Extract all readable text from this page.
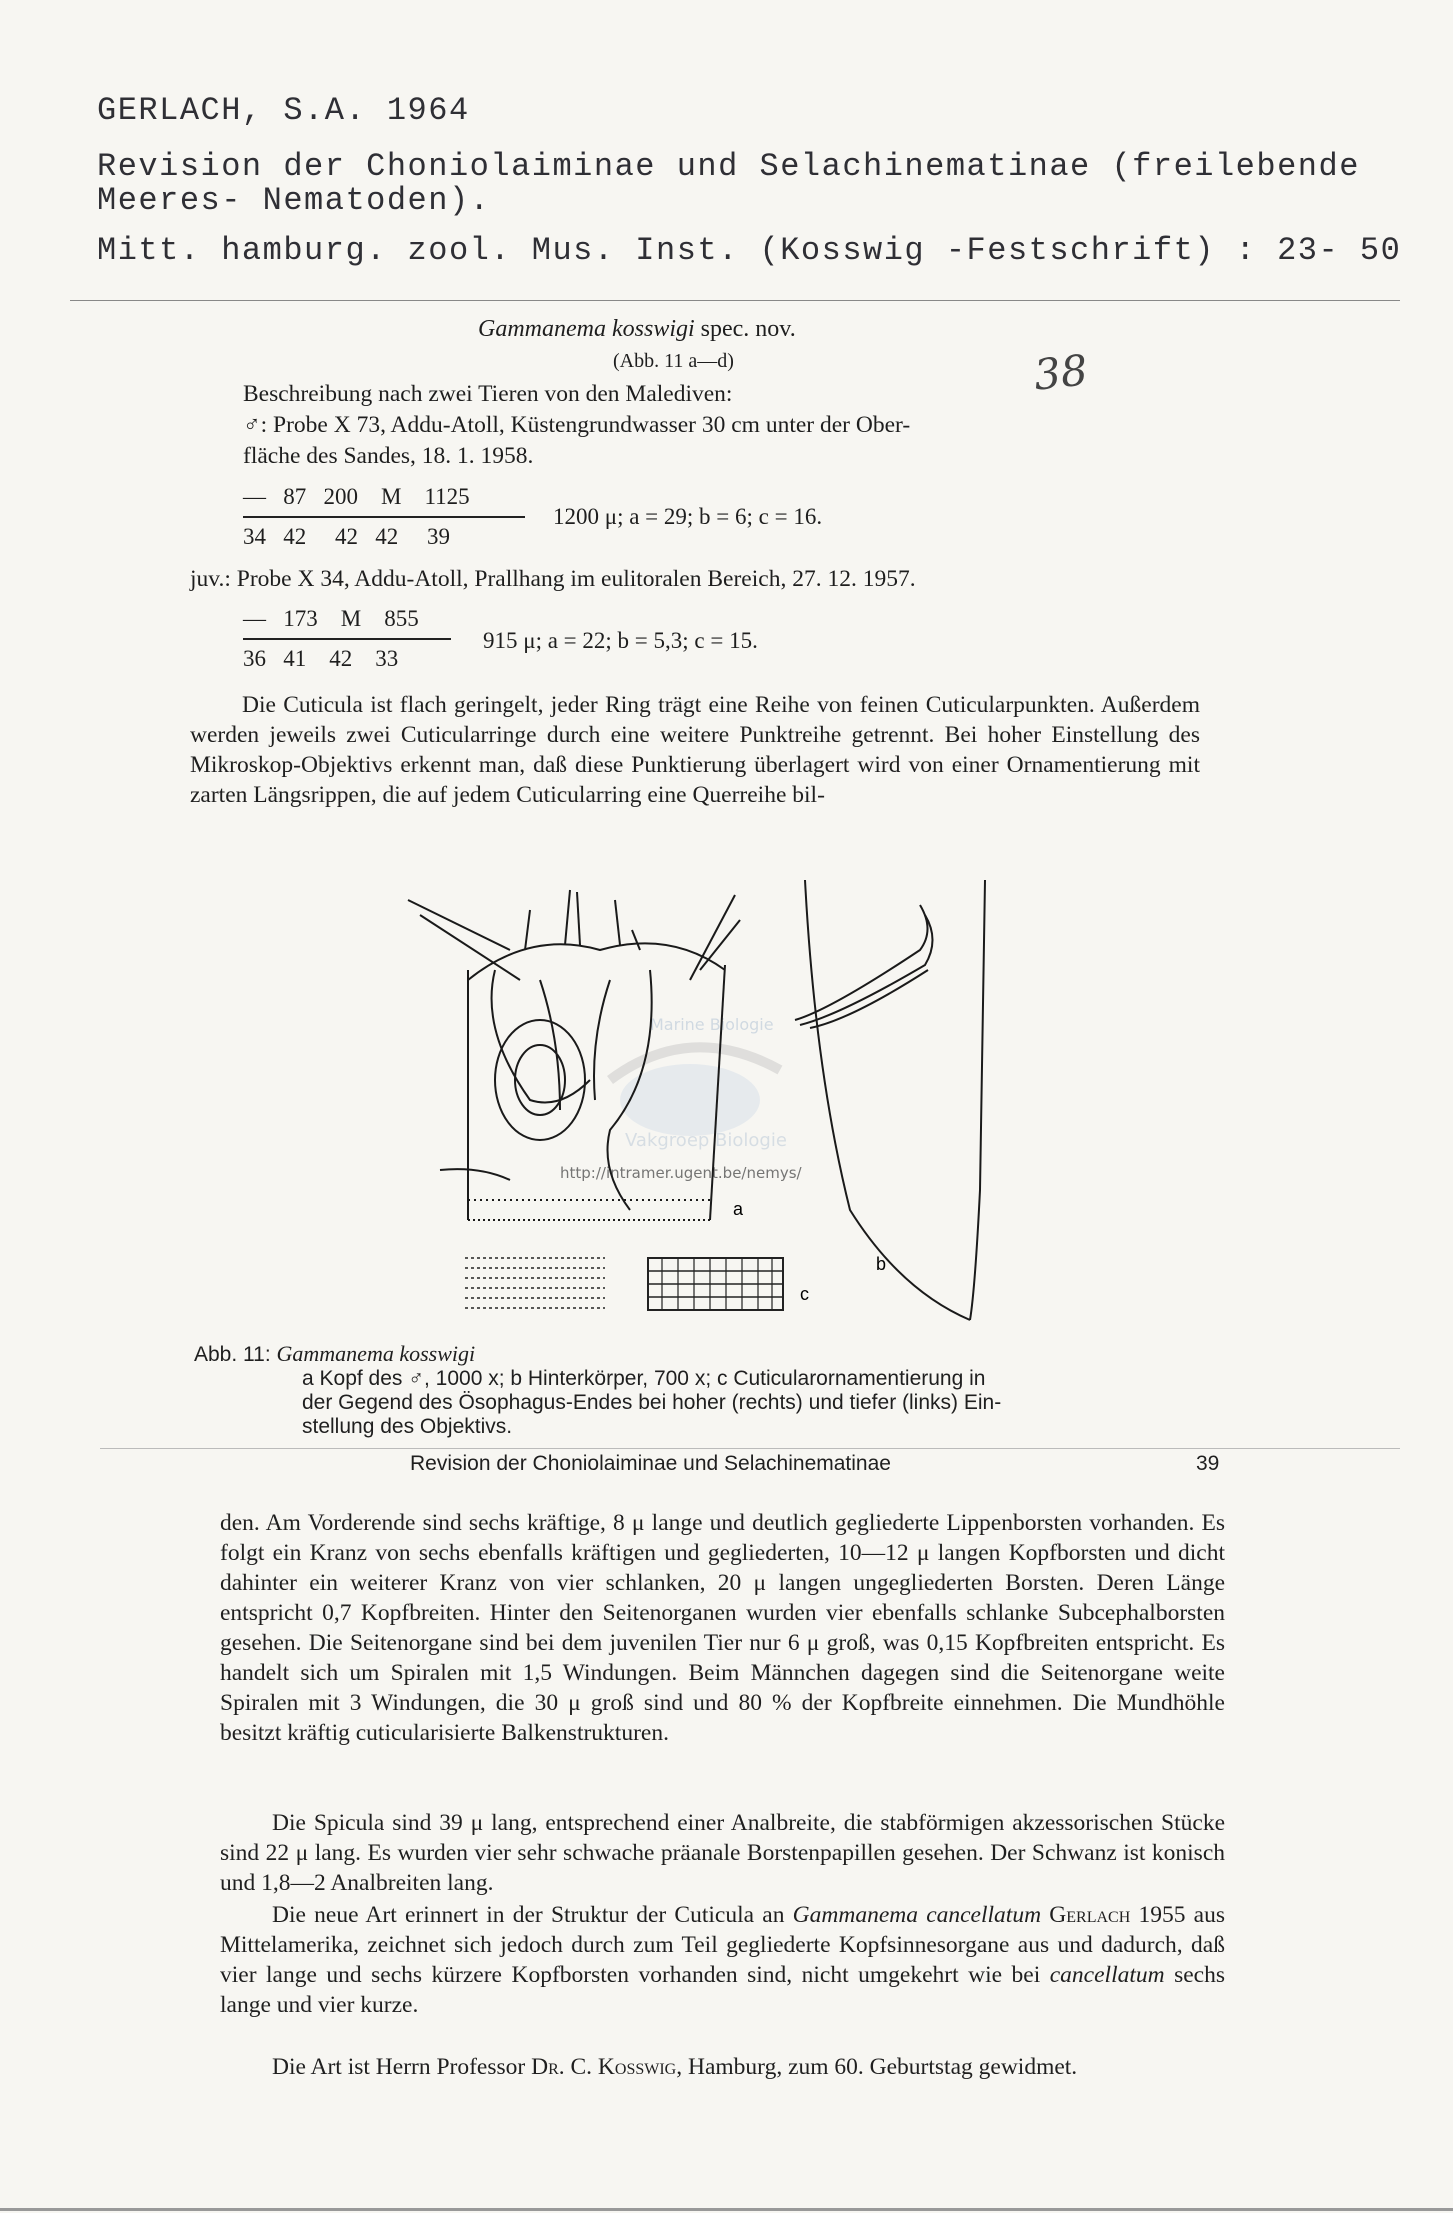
GERLACH, S.A. 1964
Revision der Choniolaiminae und Selachinematinae (freilebende
Meeres- Nematoden).
Mitt. hamburg. zool. Mus. Inst. (Kosswig -Festschrift) : 23- 50
38
Gammanema kosswigi spec. nov.
(Abb. 11 a—d)
Beschreibung nach zwei Tieren von den Malediven:
♂: Probe X 73, Addu-Atoll, Küstengrundwasser 30 cm unter der Ober-
fläche des Sandes, 18. 1. 1958.
—   87   200    M    1125
34   42     42   42     39
1200 μ; a = 29; b = 6; c = 16.
juv.: Probe X 34, Addu-Atoll, Prallhang im eulitoralen Bereich, 27. 12. 1957.
—   173    M    855
36   41    42    33
915 μ; a = 22; b = 5,3; c = 15.
Die Cuticula ist flach geringelt, jeder Ring trägt eine Reihe von feinen Cuticularpunkten. Außerdem werden jeweils zwei Cuticularringe durch eine weitere Punktreihe getrennt. Bei hoher Einstellung des Mikroskop-Objektivs erkennt man, daß diese Punktierung überlagert wird von einer Ornamentierung mit zarten Längsrippen, die auf jedem Cuticularring eine Querreihe bil-
Marine Biologie
Vakgroep Biologie
http://intramer.ugent.be/nemys/
a
b
c
Abb. 11: Gammanema kosswigi
a Kopf des ♂, 1000 x; b Hinterkörper, 700 x; c Cuticularornamentierung in
der Gegend des Ösophagus-Endes bei hoher (rechts) und tiefer (links) Ein-
stellung des Objektivs.
Revision der Choniolaiminae und Selachinematinae	39
den. Am Vorderende sind sechs kräftige, 8 μ lange und deutlich gegliederte Lippenborsten vorhanden. Es folgt ein Kranz von sechs ebenfalls kräftigen und gegliederten, 10—12 μ langen Kopfborsten und dicht dahinter ein weiterer Kranz von vier schlanken, 20 μ langen ungegliederten Borsten. Deren Länge entspricht 0,7 Kopfbreiten. Hinter den Seitenorganen wurden vier ebenfalls schlanke Subcephalborsten gesehen. Die Seitenorgane sind bei dem juvenilen Tier nur 6 μ groß, was 0,15 Kopfbreiten entspricht. Es handelt sich um Spiralen mit 1,5 Windungen. Beim Männchen dagegen sind die Seitenorgane weite Spiralen mit 3 Windungen, die 30 μ groß sind und 80 % der Kopfbreite einnehmen. Die Mundhöhle besitzt kräftig cuticularisierte Balkenstrukturen.
Die Spicula sind 39 μ lang, entsprechend einer Analbreite, die stabförmigen akzessorischen Stücke sind 22 μ lang. Es wurden vier sehr schwache präanale Borstenpapillen gesehen. Der Schwanz ist konisch und 1,8—2 Analbreiten lang.
Die neue Art erinnert in der Struktur der Cuticula an Gammanema cancellatum Gerlach 1955 aus Mittelamerika, zeichnet sich jedoch durch zum Teil gegliederte Kopfsinnesorgane aus und dadurch, daß vier lange und sechs kürzere Kopfborsten vorhanden sind, nicht umgekehrt wie bei cancellatum sechs lange und vier kurze.
Die Art ist Herrn Professor Dr. C. Kosswig, Hamburg, zum 60. Geburtstag gewidmet.
